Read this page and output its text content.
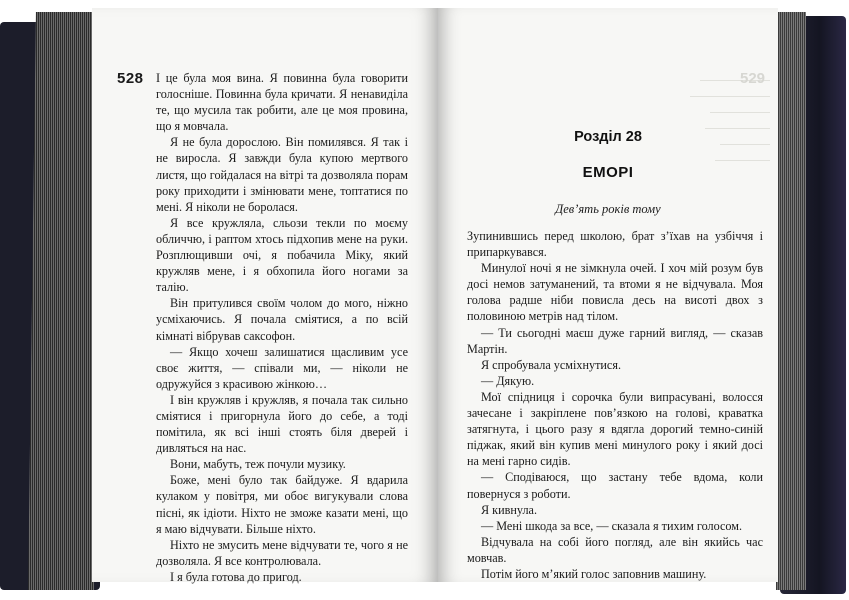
528	529

І це була моя вина. Я повинна була говорити голосніше. Повинна була кричати. Я ненавиділа те, що мусила так робити, але це моя провина, що я мовчала.

Я не була дорослою. Він помилявся. Я так і не виросла. Я завжди була купою мертвого листя, що гойдалася на вітрі та дозволяла порам року приходити і змінювати мене, топтатися по мені. Я ніколи не боролася.

Я все кружляла, сльози текли по моєму обличчю, і раптом хтось підхопив мене на руки. Розплющивши очі, я побачила Міку, який кружляв мене, і я обхопила його ногами за талію.

Він притулився своїм чолом до мого, ніжно усміхаючись. Я почала сміятися, а по всій кімнаті вібрував саксофон.

— Якщо хочеш залишатися щасливим усе своє життя, — співали ми, — ніколи не одружуйся з красивою жінкою…

І він кружляв і кружляв, я почала так сильно сміятися і пригорнула його до себе, а тоді помітила, як всі інші стоять біля дверей і дивляться на нас.

Вони, мабуть, теж почули музику.

Боже, мені було так байдуже. Я вдарила кулаком у повітря, ми обоє вигукували слова пісні, як ідіоти. Ніхто не зможе казати мені, що я маю відчувати. Більше ніхто.

Ніхто не змусить мене відчувати те, чого я не дозволяла. Я все контролювала.

І я була готова до пригод.

Розділ 28
ЕМОРІ
Дев’ять років тому

Зупинившись перед школою, брат з’їхав на узбіччя і припаркувався.

Минулої ночі я не зімкнула очей. І хоч мій розум був досі немов затуманений, та втоми я не відчувала. Моя голова радше ніби повисла десь на висоті двох з половиною метрів над тілом.

— Ти сьогодні маєш дуже гарний вигляд, — сказав Мартін.

Я спробувала усміхнутися.

— Дякую.

Мої спідниця і сорочка були випрасувані, волосся зачесане і закріплене пов’язкою на голові, краватка затягнута, і цього разу я вдягла дорогий темно-синій піджак, який він купив мені минулого року і який досі на мені гарно сидів.

— Сподіваюся, що застану тебе вдома, коли повернуся з роботи.

Я кивнула.

— Мені шкода за все, — сказала я тихим голосом.

Відчувала на собі його погляд, але він якийсь час мовчав.

Потім його м’який голос заповнив машину.
